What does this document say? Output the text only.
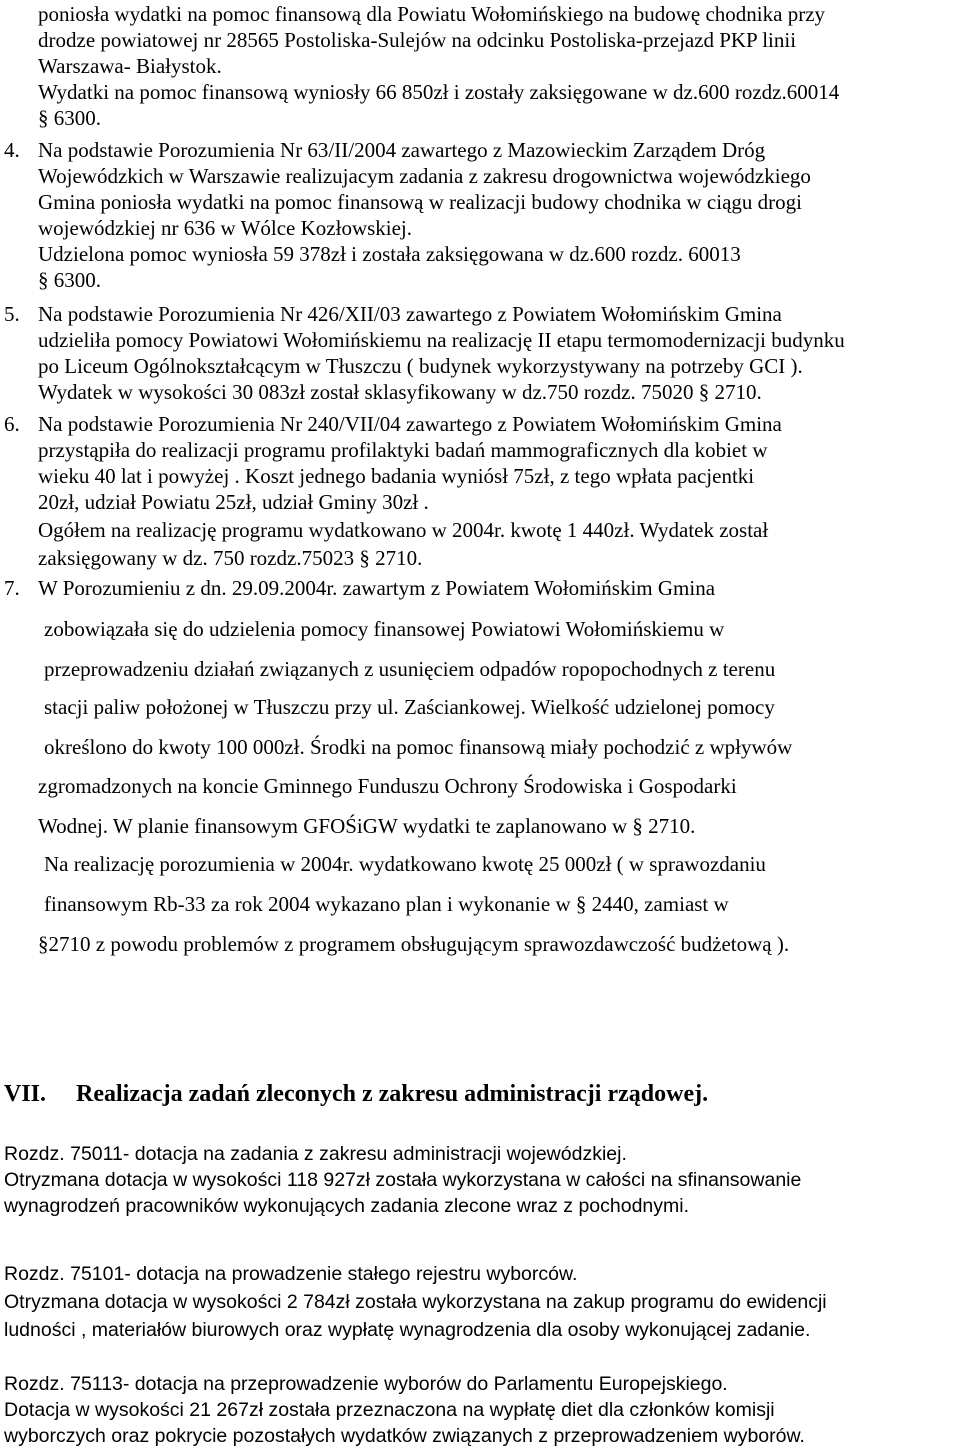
poniosła wydatki na pomoc finansową dla Powiatu Wołomińskiego na budowę chodnika przy
drodze powiatowej nr 28565 Postoliska-Sulejów na odcinku Postoliska-przejazd PKP linii
Warszawa- Białystok.
Wydatki na pomoc finansową wyniosły 66 850zł i zostały zaksięgowane w dz.600 rozdz.60014
§ 6300.
4. Na podstawie Porozumienia Nr 63/II/2004 zawartego z Mazowieckim Zarządem Dróg
Wojewódzkich w Warszawie realizujacym zadania z zakresu drogownictwa wojewódzkiego
Gmina poniosła wydatki na pomoc finansową w realizacji budowy chodnika w ciągu drogi
wojewódzkiej nr 636 w Wólce Kozłowskiej.
Udzielona pomoc wyniosła 59 378zł i została zaksięgowana w dz.600 rozdz. 60013
§ 6300.
5. Na podstawie Porozumienia Nr 426/XII/03 zawartego z Powiatem Wołomińskim Gmina
udzieliła pomocy Powiatowi Wołomińskiemu na realizację II etapu termomodernizacji budynku
po Liceum Ogólnokształcącym w Tłuszczu ( budynek wykorzystywany na potrzeby GCI ).
Wydatek w wysokości 30 083zł został sklasyfikowany w dz.750 rozdz. 75020 § 2710.
6. Na podstawie Porozumienia Nr 240/VII/04 zawartego z Powiatem Wołomińskim Gmina
przystąpiła do realizacji programu profilaktyki badań mammograficznych dla kobiet w
wieku 40 lat i powyżej . Koszt jednego badania wyniósł 75zł, z tego wpłata pacjentki
20zł, udział Powiatu 25zł, udział Gminy 30zł .
Ogółem na realizację programu wydatkowano w 2004r. kwotę 1 440zł. Wydatek został
zaksięgowany w dz. 750 rozdz.75023 § 2710.
7. W Porozumieniu z dn. 29.09.2004r. zawartym z Powiatem Wołomińskim Gmina
zobowiązała się do udzielenia pomocy finansowej Powiatowi Wołomińskiemu w
przeprowadzeniu działań związanych z usunięciem odpadów ropopochodnych z terenu
stacji paliw położonej w Tłuszczu przy ul. Zaściankowej. Wielkość udzielonej pomocy
określono do kwoty 100 000zł. Środki na pomoc finansową miały pochodzić z wpływów
zgromadzonych na koncie Gminnego Funduszu Ochrony Środowiska i Gospodarki
Wodnej. W planie finansowym GFOŚiGW wydatki te zaplanowano w § 2710.
Na realizację porozumienia w 2004r. wydatkowano kwotę 25 000zł ( w sprawozdaniu
finansowym Rb-33 za rok 2004 wykazano plan i wykonanie w § 2440, zamiast w
§2710 z powodu problemów z programem obsługującym sprawozdawczość budżetową ).
VII. Realizacja zadań zleconych z zakresu administracji rządowej.
Rozdz. 75011- dotacja na zadania z zakresu administracji wojewódzkiej.
Otryzmana dotacja w wysokości 118 927zł została wykorzystana w całości na sfinansowanie
wynagrodzeń pracowników wykonujących zadania zlecone wraz z pochodnymi.
Rozdz. 75101- dotacja na prowadzenie stałego rejestru wyborców.
Otryzmana dotacja w wysokości 2 784zł została wykorzystana na zakup programu do ewidencji
ludności , materiałów biurowych oraz wypłatę wynagrodzenia dla osoby wykonującej zadanie.
Rozdz. 75113- dotacja na przeprowadzenie wyborów do Parlamentu Europejskiego.
Dotacja w wysokości 21 267zł została przeznaczona na wypłatę diet dla członków komisji
wyborczych oraz pokrycie pozostałych wydatków związanych z przeprowadzeniem wyborów.
